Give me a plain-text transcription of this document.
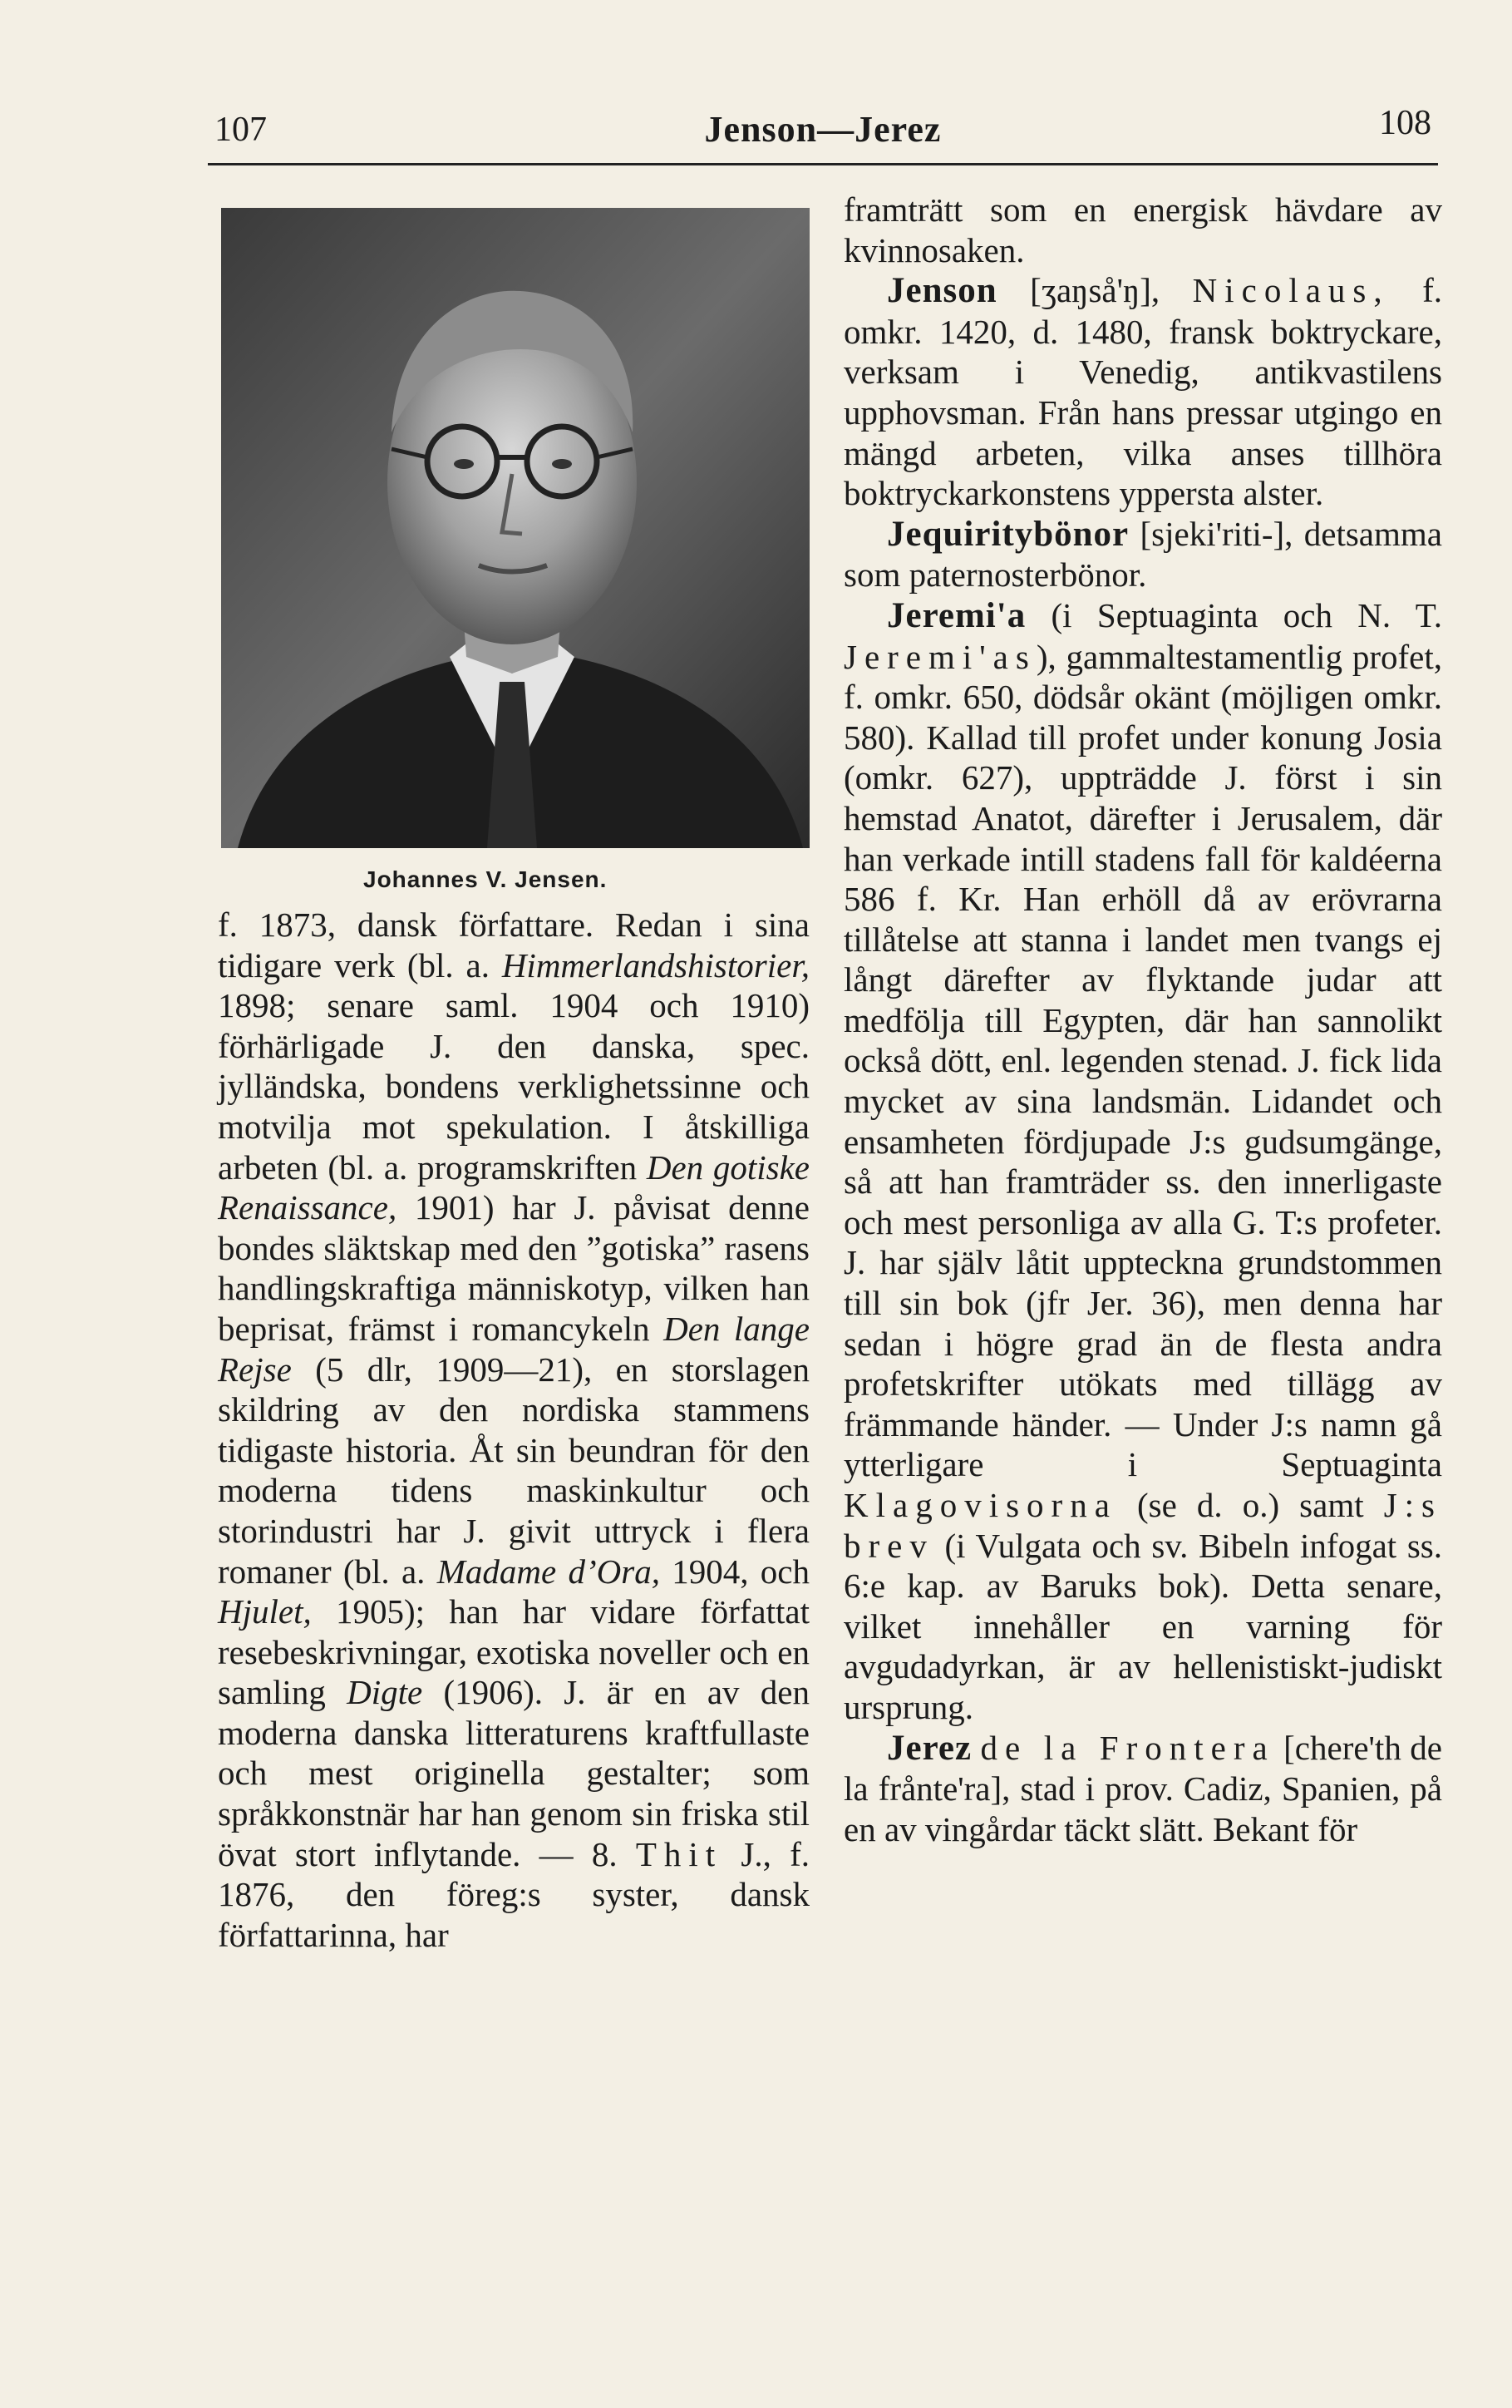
107	Jenson—Jerez	108
Johannes V. Jensen.

f. 1873, dansk författare. Redan i sina tidigare verk (bl. a. Himmerlandshistorier, 1898; senare saml. 1904 och 1910) förhärligade J. den danska, spec. jylländska, bondens verklighetssinne och motvilja mot spekulation. I åtskilliga arbeten (bl. a. programskriften Den gotiske Renaissance, 1901) har J. påvisat denne bondes släktskap med den ”gotiska” rasens handlingskraftiga människotyp, vilken han beprisat, främst i romancykeln Den lange Rejse (5 dlr, 1909—21), en storslagen skildring av den nordiska stammens tidigaste historia. Åt sin beundran för den moderna tidens maskinkultur och storindustri har J. givit uttryck i flera romaner (bl. a. Madame d’Ora, 1904, och Hjulet, 1905); han har vidare författat resebeskrivningar, exotiska noveller och en samling Digte (1906). J. är en av den moderna danska litteraturens kraftfullaste och mest originella gestalter; som språkkonstnär har han genom sin friska stil övat stort inflytande. — 8. Thit J., f. 1876, den föreg:s syster, dansk författarinna, har

framträtt som en energisk hävdare av kvinnosaken.

Jenson [ʒaŋså'ŋ], Nicolaus, f. omkr. 1420, d. 1480, fransk boktryckare, verksam i Venedig, antikvastilens upphovsman. Från hans pressar utgingo en mängd arbeten, vilka anses tillhöra boktryckarkonstens yppersta alster.

Jequiritybönor [sjeki'riti-], detsamma som paternosterbönor.

Jeremi'a (i Septuaginta och N. T. Jeremi'as), gammaltestamentlig profet, f. omkr. 650, dödsår okänt (möjligen omkr. 580). Kallad till profet under konung Josia (omkr. 627), uppträdde J. först i sin hemstad Anatot, därefter i Jerusalem, där han verkade intill stadens fall för kaldéerna 586 f. Kr. Han erhöll då av erövrarna tillåtelse att stanna i landet men tvangs ej långt därefter av flyktande judar att medfölja till Egypten, där han sannolikt också dött, enl. legenden stenad. J. fick lida mycket av sina landsmän. Lidandet och ensamheten fördjupade J:s gudsumgänge, så att han framträder ss. den innerligaste och mest personliga av alla G. T:s profeter. J. har själv låtit uppteckna grundstommen till sin bok (jfr Jer. 36), men denna har sedan i högre grad än de flesta andra profetskrifter utökats med tillägg av främmande händer. — Under J:s namn gå ytterligare i Septuaginta Klagovisorna (se d. o.) samt J:s brev (i Vulgata och sv. Bibeln infogat ss. 6:e kap. av Baruks bok). Detta senare, vilket innehåller en varning för avgudadyrkan, är av hellenistiskt-judiskt ursprung.

Jerez de la Frontera [chere'th de la frånte'ra], stad i prov. Cadiz, Spanien, på en av vingårdar täckt slätt. Bekant för
